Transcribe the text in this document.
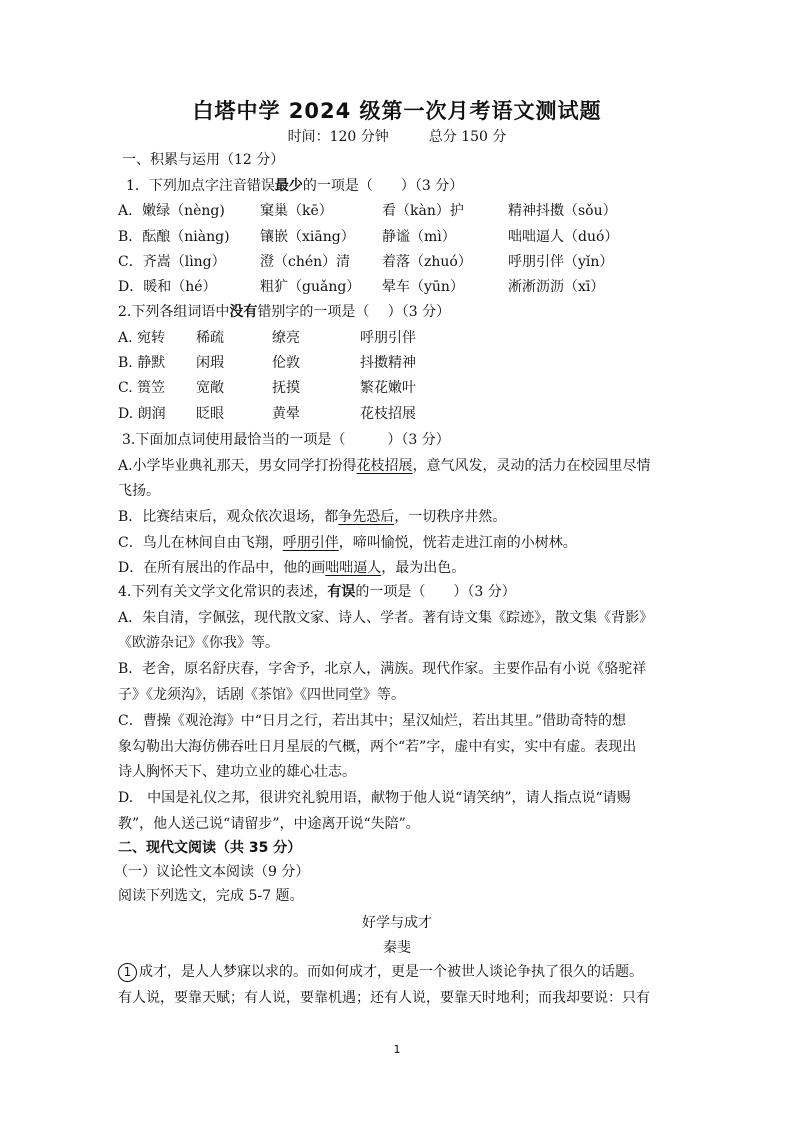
白塔中学 2024 级第一次月考语文测试题
时间：120 分钟	总分 150 分
一、积累与运用（12 分）
1．下列加点字注音错误最少的一项是（　　）（3 分）
A．嫩绿（nèng)	窠巢（kē）	看（kàn）护	精神抖擞（sǒu）
B．酝酿（niàng) 镶嵌（xiāng） 静谧（mì）	咄咄逼人（duó）
C．齐嵩（lìng） 澄（chén）清 着落（zhuó）	呼朋引伴（yǐn）
D．暖和（hé）	粗犷（guǎng） 晕车（yūn）	淅淅沥沥（xī）
2.下列各组词语中没有错别字的一项是（　 ）（3 分）
A. 宛转 稀疏	缭亮	呼朋引伴
B. 静默 闲瑕	伦敦	抖擞精神
C. 篑笠 宽敞	抚摸	繁花嫩叶
D. 朗润 眨眼	黄晕	花枝招展
3.下面加点词使用最恰当的一项是（　　　）（3 分）
A.小学毕业典礼那天，男女同学打扮得花枝招展，意气风发，灵动的活力在校园里尽情
飞扬。
B．比赛结束后，观众依次退场，都争先恐后，一切秩序井然。
C．鸟儿在林间自由飞翔，呼朋引伴，啼叫愉悦，恍若走进江南的小树林。
D．在所有展出的作品中，他的画咄咄逼人，最为出色。
4.下列有关文学文化常识的表述，有误的一项是（　　）（3 分）
A．朱自清，字佩弦，现代散文家、诗人、学者。著有诗文集《踪迹》，散文集《背影》
《欧游杂记》《你我》等。
B．老舍，原名舒庆春，字舍予，北京人，满族。现代作家。主要作品有小说《骆驼祥
子》《龙须沟》，话剧《茶馆》《四世同堂》等。
C．曹操《观沧海》中“日月之行，若出其中；星汉灿烂，若出其里。”借助奇特的想
象勾勒出大海仿佛吞吐日月星辰的气概，两个“若”字，虚中有实，实中有虚。表现出
诗人胸怀天下、建功立业的雄心壮志。
D.　中国是礼仪之邦，很讲究礼貌用语，献物于他人说“请笑纳”，请人指点说“请赐
教”，他人送己说“请留步”，中途离开说“失陪”。
二、现代文阅读（共 35 分）
（一）议论性文本阅读（9 分）
阅读下列选文，完成 5-7 题。
好学与成才
秦斐
1 成才，是人人梦寐以求的。而如何成才，更是一个被世人谈论争执了很久的话题。
有人说，要靠天赋；有人说，要靠机遇；还有人说，要靠天时地利；而我却要说：只有
1
